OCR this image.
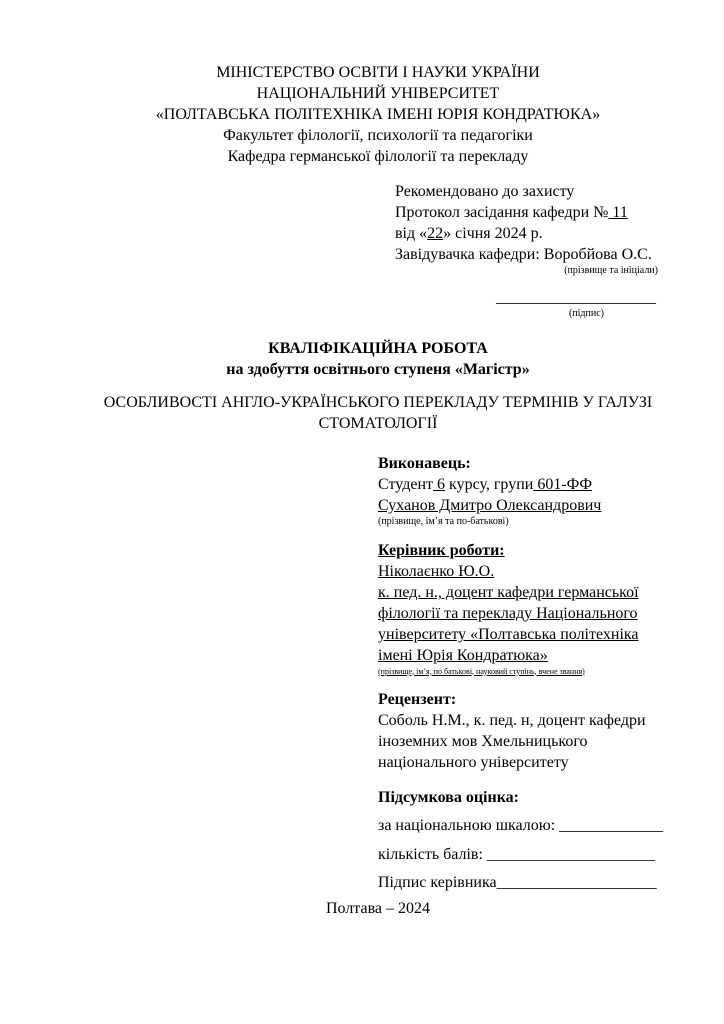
МІНІСТЕРСТВО ОСВІТИ І НАУКИ УКРАЇНИ
НАЦІОНАЛЬНИЙ УНІВЕРСИТЕТ
«ПОЛТАВСЬКА ПОЛІТЕХНІКА ІМЕНІ ЮРІЯ КОНДРАТЮКА»
Факультет філології, психології та педагогіки
Кафедра германської філології та перекладу
Рекомендовано до захисту
Протокол засідання кафедри № 11
від «22» січня 2024 р.
Завідувачка кафедри: Воробйова О.С.
(прізвище та ініціали)
____________________
(підпис)
КВАЛІФІКАЦІЙНА РОБОТА
на здобуття освітнього ступеня «Магістр»
ОСОБЛИВОСТІ АНГЛО-УКРАЇНСЬКОГО ПЕРЕКЛАДУ ТЕРМІНІВ У ГАЛУЗІ СТОМАТОЛОГІЇ
Виконавець:
Студент 6 курсу, групи 601-ФФ
Суханов Дмитро Олександрович
(прізвище, ім’я та по-батькові)
Керівник роботи:
Ніколаєнко Ю.О.
к. пед. н., доцент кафедри германської
філології та перекладу Національного
університету «Полтавська політехніка
імені Юрія Кондратюка»
(прізвище, ім’я, по батькові, науковий ступінь, вчене звання)
Рецензент:
Соболь Н.М., к. пед. н, доцент кафедри
іноземних мов Хмельницького
національного університету
Підсумкова оцінка:
за національною шкалою: _____________
кількість балів: _____________________
Підпис керівника____________________
Полтава – 2024
